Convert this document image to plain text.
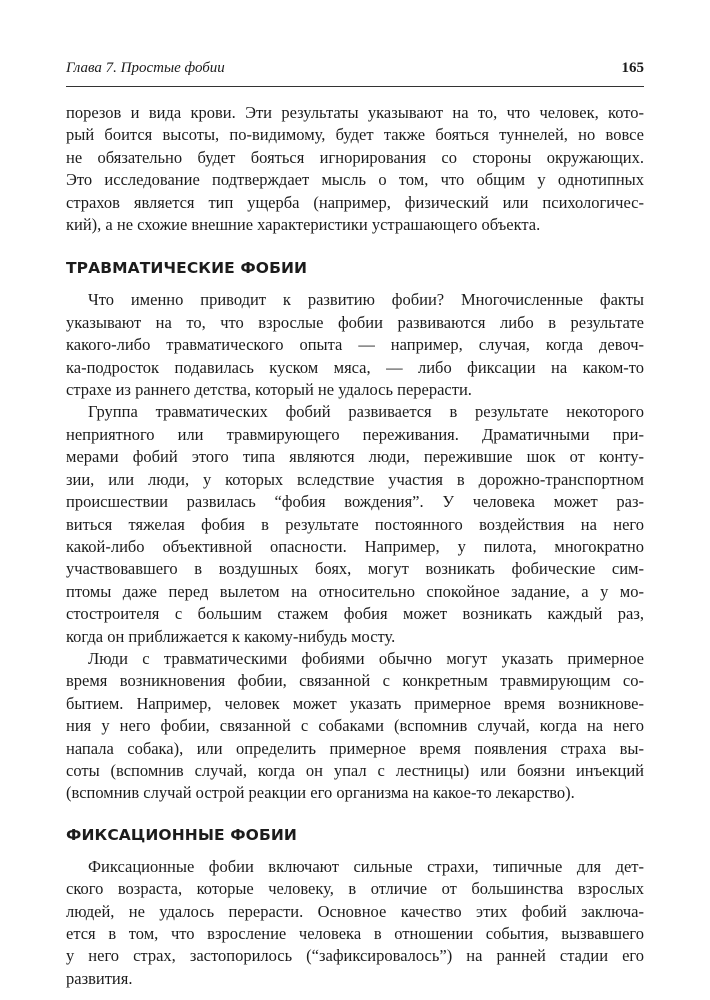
Глава 7. Простые фобии	165

порезов и вида крови. Эти результаты указывают на то, что человек, кото-
рый боится высоты, по-видимому, будет также бояться туннелей, но вовсе
не обязательно будет бояться игнорирования со стороны окружающих.
Это исследование подтверждает мысль о том, что общим у однотипных
страхов является тип ущерба (например, физический или психологичес-
кий), а не схожие внешние характеристики устрашающего объекта.

ТРАВМАТИЧЕСКИЕ ФОБИИ

Что именно приводит к развитию фобии? Многочисленные факты
указывают на то, что взрослые фобии развиваются либо в результате
какого-либо травматического опыта — например, случая, когда девоч-
ка-подросток подавилась куском мяса, — либо фиксации на каком-то
страхе из раннего детства, который не удалось перерасти.

Группа травматических фобий развивается в результате некоторого
неприятного или травмирующего переживания. Драматичными при-
мерами фобий этого типа являются люди, пережившие шок от конту-
зии, или люди, у которых вследствие участия в дорожно-транспортном
происшествии развилась “фобия вождения”. У человека может раз-
виться тяжелая фобия в результате постоянного воздействия на него
какой-либо объективной опасности. Например, у пилота, многократно
участвовавшего в воздушных боях, могут возникать фобические сим-
птомы даже перед вылетом на относительно спокойное задание, а у мо-
стостроителя с большим стажем фобия может возникать каждый раз,
когда он приближается к какому-нибудь мосту.

Люди с травматическими фобиями обычно могут указать примерное
время возникновения фобии, связанной с конкретным травмирующим со-
бытием. Например, человек может указать примерное время возникнове-
ния у него фобии, связанной с собаками (вспомнив случай, когда на него
напала собака), или определить примерное время появления страха вы-
соты (вспомнив случай, когда он упал с лестницы) или боязни инъекций
(вспомнив случай острой реакции его организма на какое-то лекарство).

ФИКСАЦИОННЫЕ ФОБИИ

Фиксационные фобии включают сильные страхи, типичные для дет-
ского возраста, которые человеку, в отличие от большинства взрослых
людей, не удалось перерасти. Основное качество этих фобий заключа-
ется в том, что взросление человека в отношении события, вызвавшего
у него страх, застопорилось (“зафиксировалось”) на ранней стадии его
развития.
